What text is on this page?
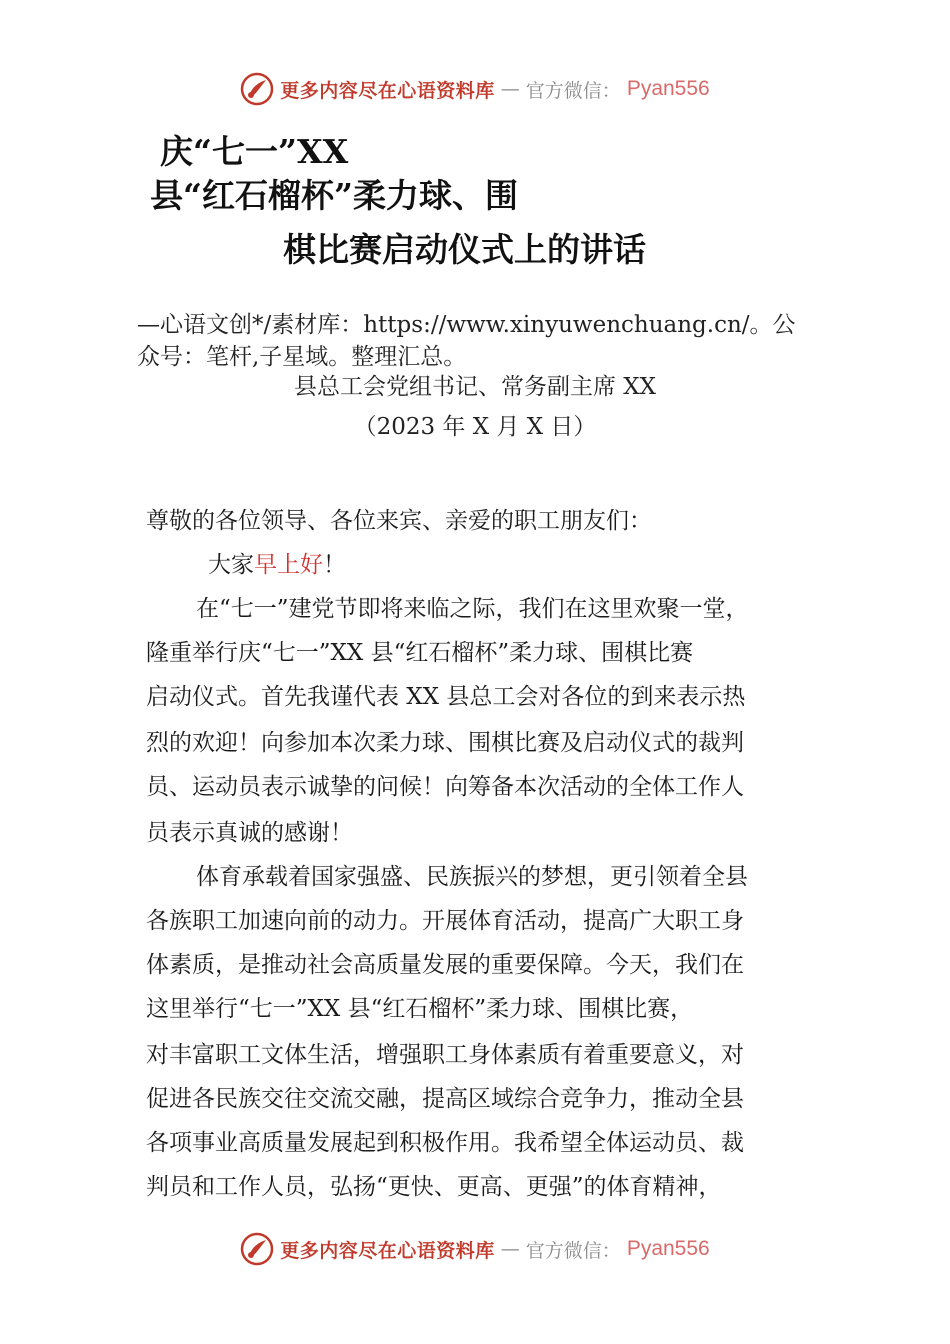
更多内容尽在心语资料库 — 官方微信： Pyan556
庆“七一”XX
县“红石榴杯”柔力球、围
棋比赛启动仪式上的讲话
—心语文创*/素材库：https://www.xinyuwenchuang.cn/。公
众号：笔杆,子星域。整理汇总。
县总工会党组书记、常务副主席 XX
（2023 年 X 月 X 日）
尊敬的各位领导、各位来宾、亲爱的职工朋友们：
大家早上好！
在“七一”建党节即将来临之际，我们在这里欢聚一堂，
隆重举行庆“七一”XX 县“红石榴杯”柔力球、围棋比赛
启动仪式。首先我谨代表 XX 县总工会对各位的到来表示热
烈的欢迎！向参加本次柔力球、围棋比赛及启动仪式的裁判
员、运动员表示诚挚的问候！向筹备本次活动的全体工作人
员表示真诚的感谢！
体育承载着国家强盛、民族振兴的梦想，更引领着全县
各族职工加速向前的动力。开展体育活动，提高广大职工身
体素质，是推动社会高质量发展的重要保障。今天，我们在
这里举行“七一”XX 县“红石榴杯”柔力球、围棋比赛，
对丰富职工文体生活，增强职工身体素质有着重要意义，对
促进各民族交往交流交融，提高区域综合竞争力，推动全县
各项事业高质量发展起到积极作用。我希望全体运动员、裁
判员和工作人员，弘扬“更快、更高、更强”的体育精神，
更多内容尽在心语资料库 — 官方微信： Pyan556
